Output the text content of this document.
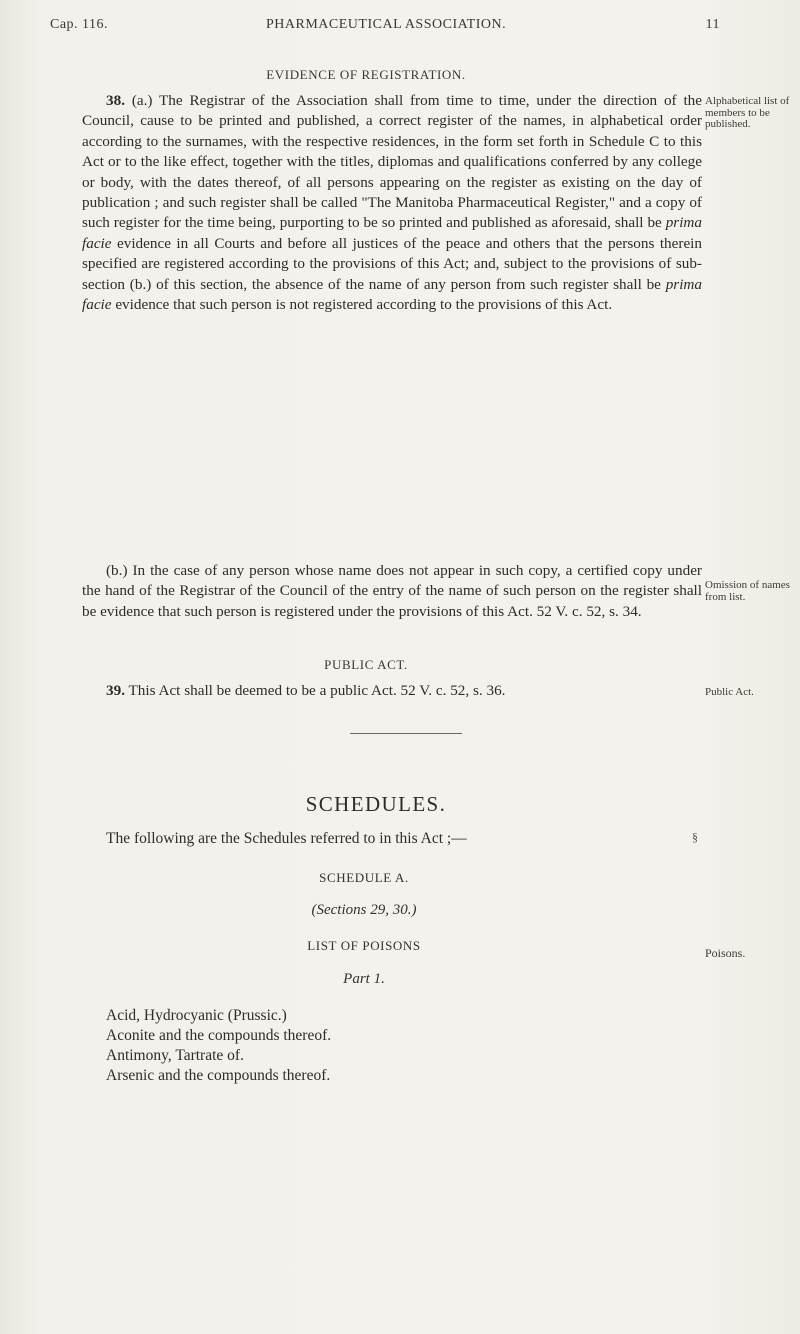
Cap. 116.	PHARMACEUTICAL ASSOCIATION.	11
EVIDENCE OF REGISTRATION.

38. (a.) The Registrar of the Association shall from time to time, under the direction of the Council, cause to be printed and published, a correct register of the names, in alphabetical order according to the surnames, with the respective residences, in the form set forth in Schedule C to this Act or to the like effect, together with the titles, diplomas and qualifications conferred by any college or body, with the dates thereof, of all persons appearing on the register as existing on the day of publication ; and such register shall be called "The Manitoba Pharmaceutical Register," and a copy of such register for the time being, purporting to be so printed and published as aforesaid, shall be prima facie evidence in all Courts and before all justices of the peace and others that the persons therein specified are registered according to the provisions of this Act; and, subject to the provisions of sub-section (b.) of this section, the absence of the name of any person from such register shall be prima facie evidence that such person is not registered according to the provisions of this Act.

Alphabetical list of members to be published.

(b.) In the case of any person whose name does not appear in such copy, a certified copy under the hand of the Registrar of the Council of the entry of the name of such person on the register shall be evidence that such person is registered under the provisions of this Act. 52 V. c. 52, s. 34.

Omission of names from list.
PUBLIC ACT.

39. This Act shall be deemed to be a public Act. 52 V. c. 52, s. 36.	Public Act.
SCHEDULES.
The following are the Schedules referred to in this Act ;—	§
SCHEDULE A.
(Sections 29, 30.)
LIST OF POISONS	Poisons.
Part 1.
Acid, Hydrocyanic (Prussic.)
Aconite and the compounds thereof.
Antimony, Tartrate of.
Arsenic and the compounds thereof.
